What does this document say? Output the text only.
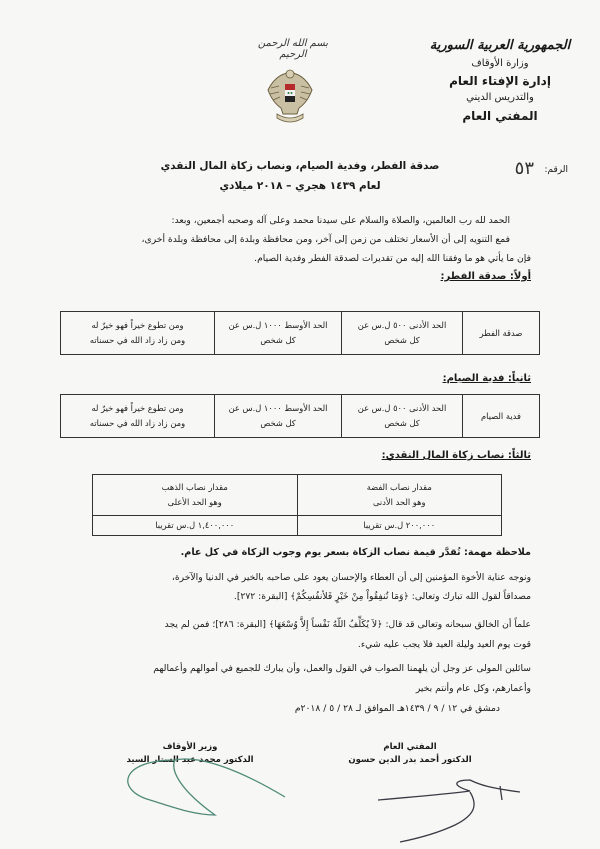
الجمهورية العربية السورية
وزارة الأوقاف
إدارة الإفتاء العام
والتدريس الديني
المفتي العام
بسم الله الرحمن الرحيم
الرقم:
٥٣
صدقة الفطر، وفدية الصيام، ونصاب زكاة المال النقدي
لعام ١٤٣٩ هجري – ٢٠١٨ ميلادي
الحمد لله رب العالمين، والصلاة والسلام على سيدنا محمد وعلى آله وصحبه أجمعين، وبعد:
فمع التنويه إلى أن الأسعار تختلف من زمن إلى آخر، ومن محافظة وبلدة إلى محافظة وبلدة أخرى،
فإن ما يأتي هو ما وفقنا الله إليه من تقديرات لصدقة الفطر وفدية الصيام.
أولاً: صدقة الفطر:
صدقة الفطر	
الحد الأدنى ٥٠٠ ل.س عن
كل شخص

الحد الأوسط ١٠٠٠ ل.س عن
كل شخص

ومن تطوع خيراً فهو خيرٌ له
ومن زاد زاد الله في حسناته
ثانياً: فدية الصيام:
فدية الصيام	
الحد الأدنى ٥٠٠ ل.س عن
كل شخص

الحد الأوسط ١٠٠٠ ل.س عن
كل شخص

ومن تطوع خيراً فهو خيرٌ له
ومن زاد زاد الله في حسناته
ثالثاً: نصاب زكاة المال النقدي:
مقدار نصاب الفضة
وهو الحد الأدنى

مقدار نصاب الذهب
وهو الحد الأعلى

٢٠٠,٠٠٠ ل.س تقريبا	١,٤٠٠,٠٠٠ ل.س تقريبا
ملاحظة مهمة: تُقدَّر قيمة نصاب الزكاة بسعر يوم وجوب الزكاة في كل عام.
ونوجه عناية الأخوة المؤمنين إلى أن العطاء والإحسان يعود على صاحبه بالخير في الدنيا والآخرة،
مصداقاً لقول الله تبارك وتعالى: ﴿وَمَا تُنفِقُواْ مِنْ خَيْرٍ فَلأنفُسِكُمْ﴾ [البقرة: ٢٧٢].
علماً أن الخالق سبحانه وتعالى قد قال: ﴿لاَ يُكَلِّفُ اللّهُ نَفْساً إِلاَّ وُسْعَهَا﴾ [البقرة: ٢٨٦]؛ فمن لم يجد
قوت يوم العيد وليلة العيد فلا يجب عليه شيء.
سائلين المولى عز وجل أن يلهمنا الصواب في القول والعمل، وأن يبارك للجميع في أموالهم وأعمالهم
وأعمارهم، وكل عام وأنتم بخير
دمشق في ١٢ / ٩ / ١٤٣٩هـ الموافق لـ ٢٨ / ٥ / ٢٠١٨م
المفتي العام
الدكتور أحمد بدر الدين حسون
وزير الأوقاف
الدكتور محمد عبد الستار السيد
